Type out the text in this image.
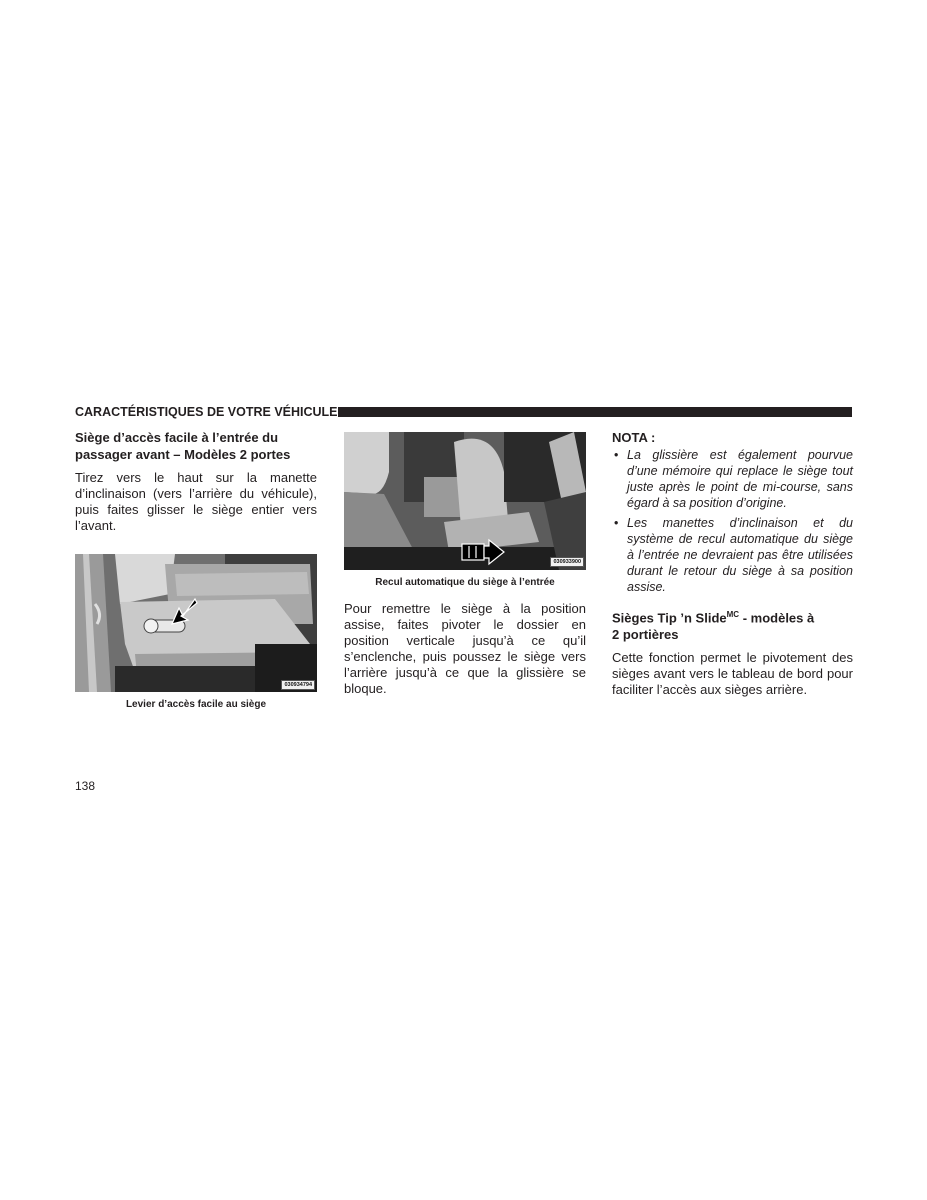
CARACTÉRISTIQUES DE VOTRE VÉHICULE
Siège d’accès facile à l’entrée du passager avant – Modèles 2 portes

Tirez vers le haut sur la manette d’inclinaison (vers l’arrière du véhicule), puis faites glisser le siège entier vers l’avant.

030934794
Levier d’accès facile au siège
030933900
Recul automatique du siège à l’entrée

Pour remettre le siège à la position assise, faites pivoter le dossier en position verticale jusqu’à ce qu’il s’enclenche, puis poussez le siège vers l’arrière jusqu’à ce que la glissière se bloque.

NOTA :
• La glissière est également pourvue d’une mémoire qui replace le siège tout juste après le point de mi-course, sans égard à sa position d’origine.
• Les manettes d’inclinaison et du système de recul automatique du siège à l’entrée ne devraient pas être utilisées durant le retour du siège à sa position assise.
Sièges Tip ’n Slide$^{MC}$ - modèles à
2 portières

Cette fonction permet le pivotement des sièges avant vers le tableau de bord pour faciliter l’accès aux sièges arrière.

138
